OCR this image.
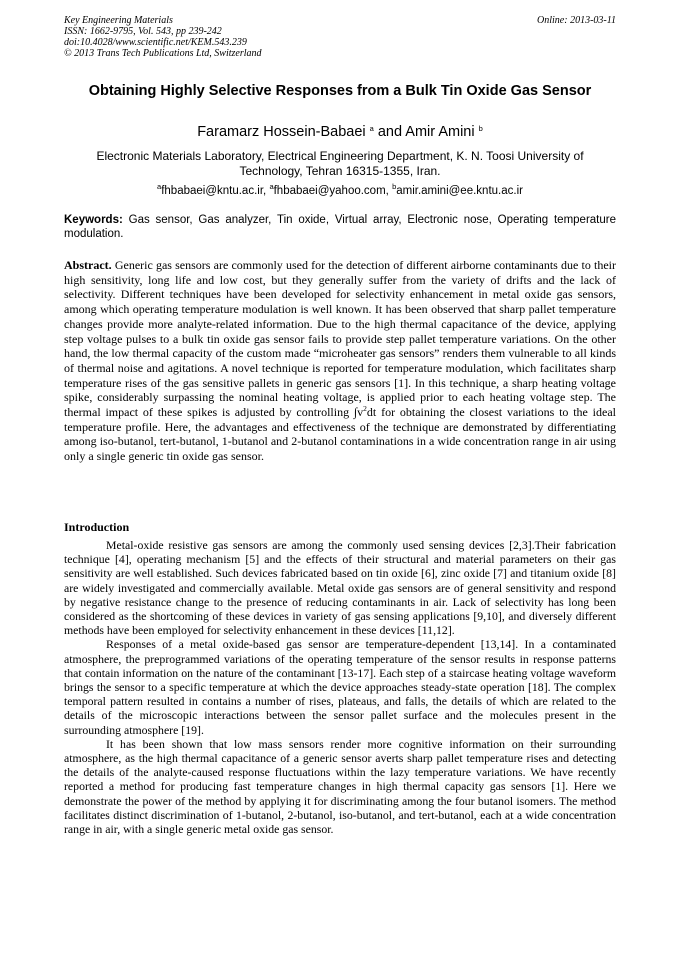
Key Engineering Materials
ISSN: 1662-9795, Vol. 543, pp 239-242
doi:10.4028/www.scientific.net/KEM.543.239
© 2013 Trans Tech Publications Ltd, Switzerland
Online: 2013-03-11
Obtaining Highly Selective Responses from a Bulk Tin Oxide Gas Sensor
Faramarz Hossein-Babaei $^a$ and Amir Amini $^b$
Electronic Materials Laboratory, Electrical Engineering Department, K. N. Toosi University of Technology, Tehran 16315-1355, Iran.
$^a$fhbabaei@kntu.ac.ir, $^a$fhbabaei@yahoo.com, $^b$amir.amini@ee.kntu.ac.ir
Keywords: Gas sensor, Gas analyzer, Tin oxide, Virtual array, Electronic nose, Operating temperature modulation.
Abstract. Generic gas sensors are commonly used for the detection of different airborne contaminants due to their high sensitivity, long life and low cost, but they generally suffer from the variety of drifts and the lack of selectivity. Different techniques have been developed for selectivity enhancement in metal oxide gas sensors, among which operating temperature modulation is well known. It has been observed that sharp pallet temperature changes provide more analyte-related information. Due to the high thermal capacitance of the device, applying step voltage pulses to a bulk tin oxide gas sensor fails to provide step pallet temperature variations. On the other hand, the low thermal capacity of the custom made “microheater gas sensors” renders them vulnerable to all kinds of thermal noise and agitations. A novel technique is reported for temperature modulation, which facilitates sharp temperature rises of the gas sensitive pallets in generic gas sensors [1]. In this technique, a sharp heating voltage spike, considerably surpassing the nominal heating voltage, is applied prior to each heating voltage step. The thermal impact of these spikes is adjusted by controlling $\int v^2dt$ for obtaining the closest variations to the ideal temperature profile. Here, the advantages and effectiveness of the technique are demonstrated by differentiating among iso-butanol, tert-butanol, 1-butanol and 2-butanol contaminations in a wide concentration range in air using only a single generic tin oxide gas sensor.
Introduction

Metal-oxide resistive gas sensors are among the commonly used sensing devices [2,3].Their fabrication technique [4], operating mechanism [5] and the effects of their structural and material parameters on their gas sensitivity are well established. Such devices fabricated based on tin oxide [6], zinc oxide [7] and titanium oxide [8] are widely investigated and commercially available. Metal oxide gas sensors are of general sensitivity and respond by negative resistance change to the presence of reducing contaminants in air. Lack of selectivity has long been considered as the shortcoming of these devices in variety of gas sensing applications [9,10], and diversely different methods have been employed for selectivity enhancement in these devices [11,12].

Responses of a metal oxide-based gas sensor are temperature-dependent [13,14]. In a contaminated atmosphere, the preprogrammed variations of the operating temperature of the sensor results in response patterns that contain information on the nature of the contaminant [13-17]. Each step of a staircase heating voltage waveform brings the sensor to a specific temperature at which the device approaches steady-state operation [18]. The complex temporal pattern resulted in contains a number of rises, plateaus, and falls, the details of which are related to the details of the microscopic interactions between the sensor pallet surface and the molecules present in the surrounding atmosphere [19].

It has been shown that low mass sensors render more cognitive information on their surrounding atmosphere, as the high thermal capacitance of a generic sensor averts sharp pallet temperature rises and detecting the details of the analyte-caused response fluctuations within the lazy temperature variations. We have recently reported a method for producing fast temperature changes in high thermal capacity gas sensors [1]. Here we demonstrate the power of the method by applying it for discriminating among the four butanol isomers. The method facilitates distinct discrimination of 1-butanol, 2-butanol, iso-butanol, and tert-butanol, each at a wide concentration range in air, with a single generic metal oxide gas sensor.
